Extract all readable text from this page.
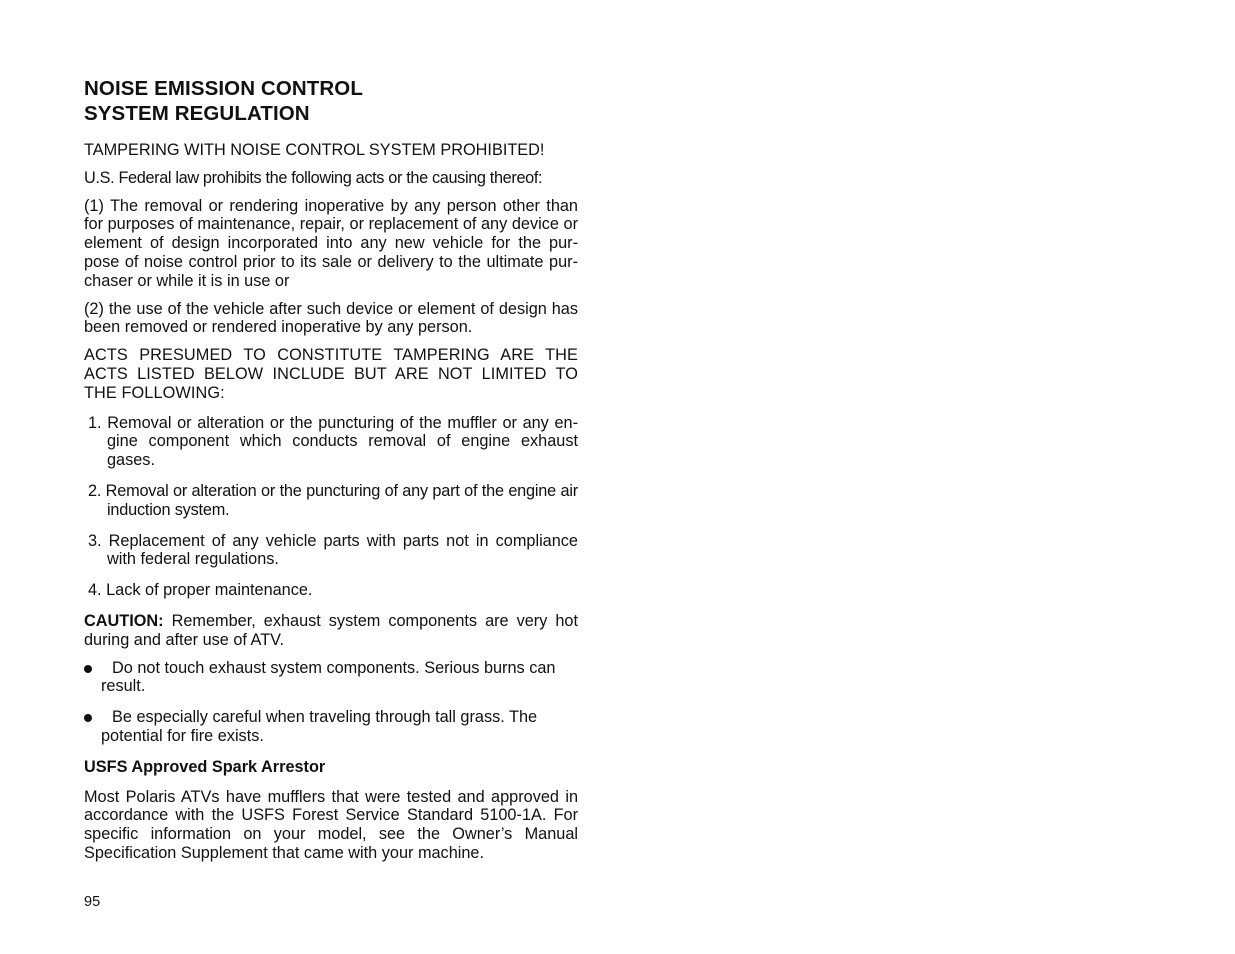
NOISE EMISSION CONTROL
SYSTEM REGULATION

TAMPERING WITH NOISE CONTROL SYSTEM PROHIBITED!

U.S. Federal law prohibits the following acts or the causing thereof:

(1) The removal or rendering inoperative by any person other than for purposes of maintenance, repair, or replacement of any device or element of design incorporated into any new vehicle for the pur-pose of noise control prior to its sale or delivery to the ultimate pur-chaser or while it is in use or

(2) the use of the vehicle after such device or element of design has been removed or rendered inoperative by any person.

ACTS PRESUMED TO CONSTITUTE TAMPERING ARE THE ACTS LISTED BELOW INCLUDE BUT ARE NOT LIMITED TO THE FOLLOWING:

1. Removal or alteration or the puncturing of the muffler or any en-gine component which conducts removal of engine exhaust gases.
2. Removal or alteration or the puncturing of any part of the engine air induction system.
3. Replacement of any vehicle parts with parts not in compliance with federal regulations.
4. Lack of proper maintenance.

CAUTION: Remember, exhaust system components are very hot during and after use of ATV.

Do not touch exhaust system components. Serious burns can result.
Be especially careful when traveling through tall grass. The potential for fire exists.
USFS Approved Spark Arrestor

Most Polaris ATVs have mufflers that were tested and approved in accordance with the USFS Forest Service Standard 5100-1A. For specific information on your model, see the Owner’s Manual Specification Supplement that came with your machine.

95
